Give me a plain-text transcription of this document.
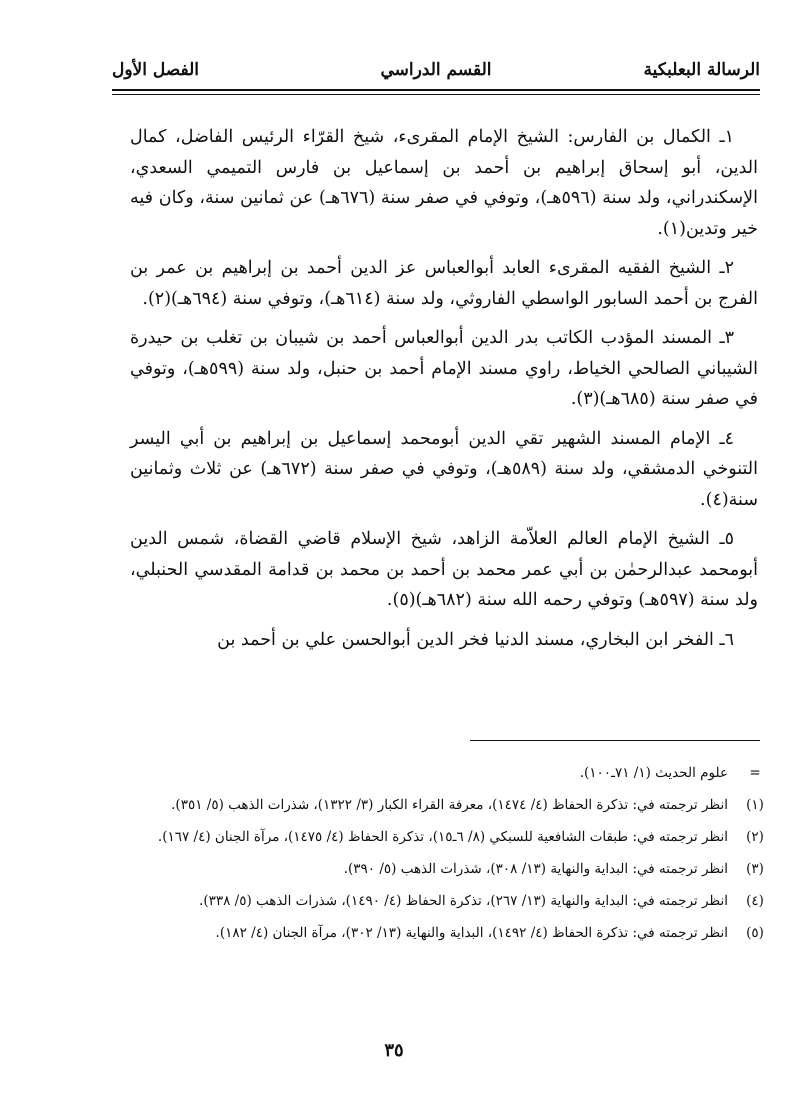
الرسالة البعلبكية
القسم الدراسي
الفصل الأول

١ـ الكمال بن الفارس: الشيخ الإمام المقرىء، شيخ القرّاء الرئيس الفاضل، كمال الدين، أبو إسحاق إبراهيم بن أحمد بن إسماعيل بن فارس التميمي السعدي، الإسكندراني، ولد سنة (٥٩٦هـ)، وتوفي في صفر سنة (٦٧٦هـ) عن ثمانين سنة، وكان فيه خير وتدين(١).

٢ـ الشيخ الفقيه المقرىء العابد أبوالعباس عز الدين أحمد بن إبراهيم بن عمر بن الفرج بن أحمد السابور الواسطي الفاروثي، ولد سنة (٦١٤هـ)، وتوفي سنة (٦٩٤هـ)(٢).

٣ـ المسند المؤدب الكاتب بدر الدين أبوالعباس أحمد بن شيبان بن تغلب بن حيدرة الشيباني الصالحي الخياط، راوي مسند الإمام أحمد بن حنبل، ولد سنة (٥٩٩هـ)، وتوفي في صفر سنة (٦٨٥هـ)(٣).

٤ـ الإمام المسند الشهير تقي الدين أبومحمد إسماعيل بن إبراهيم بن أبي اليسر التنوخي الدمشقي، ولد سنة (٥٨٩هـ)، وتوفي في صفر سنة (٦٧٢هـ) عن ثلاث وثمانين سنة(٤).

٥ـ الشيخ الإمام العالم العلاّمة الزاهد، شيخ الإسلام قاضي القضاة، شمس الدين أبومحمد عبدالرحمٰن بن أبي عمر محمد بن أحمد بن محمد بن قدامة المقدسي الحنبلي، ولد سنة (٥٩٧هـ) وتوفي رحمه الله سنة (٦٨٢هـ)(٥).

٦ـ الفخر ابن البخاري، مسند الدنيا فخر الدين أبوالحسن علي بن أحمد بن

=
علوم الحديث (١/ ٧١ـ١٠٠).
(١)
انظر ترجمته في: تذكرة الحفاظ (٤/ ١٤٧٤)، معرفة القراء الكبار (٣/ ١٣٢٢)، شذرات الذهب (٥/ ٣٥١).
(٢)
انظر ترجمته في: طبقات الشافعية للسبكي (٨/ ٦ـ١٥)، تذكرة الحفاظ (٤/ ١٤٧٥)، مرآة الجنان (٤/ ١٦٧).
(٣)
انظر ترجمته في: البداية والنهاية (١٣/ ٣٠٨)، شذرات الذهب (٥/ ٣٩٠).
(٤)
انظر ترجمته في: البداية والنهاية (١٣/ ٢٦٧)، تذكرة الحفاظ (٤/ ١٤٩٠)، شذرات الذهب (٥/ ٣٣٨).
(٥)
انظر ترجمته في: تذكرة الحفاظ (٤/ ١٤٩٢)، البداية والنهاية (١٣/ ٣٠٢)، مرآة الجنان (٤/ ١٨٢).
٣٥
